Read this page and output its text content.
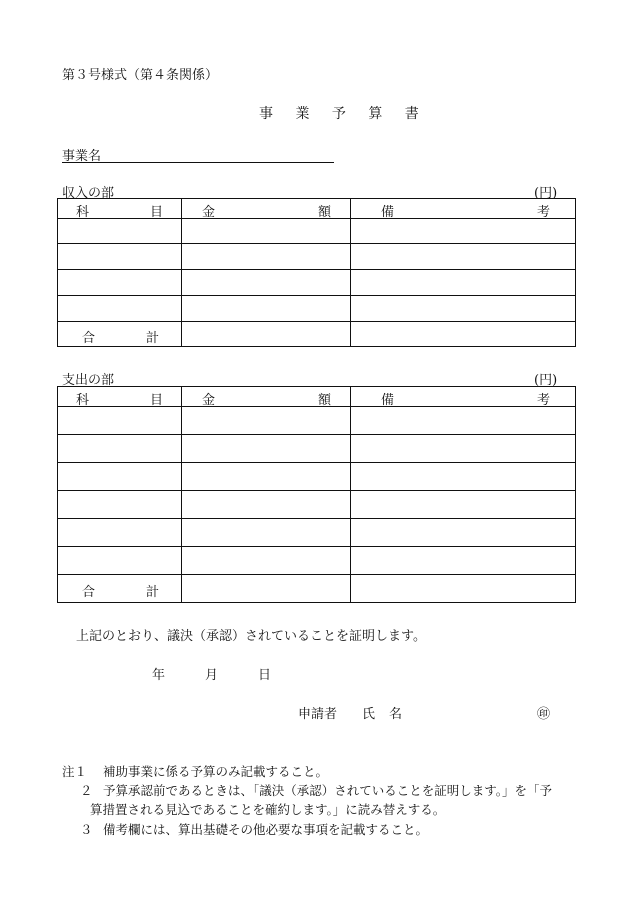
第３号様式（第４条関係）
事 業 予 算 書
事業名
収入の部	(円)
科 目	金 額	備 考

合 計		

支出の部	(円)
科 目	金 額	備 考

合 計		

上記のとおり、議決（承認）されていることを証明します。
年	月	日
申請者 氏 名	㊞
注１ 補助事業に係る予算のみ記載すること。
２ 予算承認前であるときは、「議決（承認）されていることを証明します。」を「予
算措置される見込であることを確約します。」に読み替えする。
３ 備考欄には、算出基礎その他必要な事項を記載すること。
